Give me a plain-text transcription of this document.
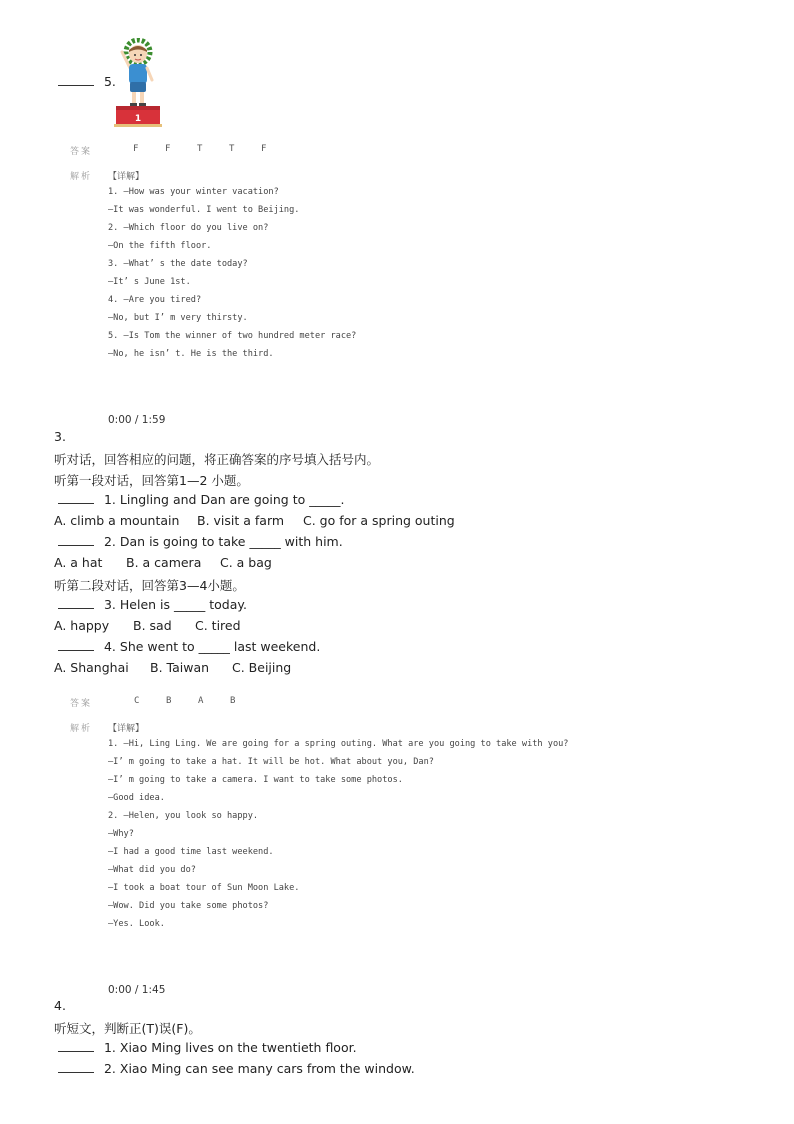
5.
1
答案	F	F	T	T	F
解析 【详解】
1. —How was your winter vacation?
—It was wonderful. I went to Beijing.
2. —Which floor do you live on?
—On the fifth floor.
3. —What’ s the date today?
—It’ s June 1st.
4. —Are you tired?
—No, but I’ m very thirsty.
5. —Is Tom the winner of two hundred meter race?
—No, he isn’ t. He is the third.
0:00 / 1:59
3.
听对话，回答相应的问题，将正确答案的序号填入括号内。
听第一段对话，回答第1—2 小题。
1. Lingling and Dan are going to _____.
A. climb a mountain B. visit a farm C. go for a spring outing
2. Dan is going to take _____ with him.
A. a hat B. a camera C. a bag
听第二段对话，回答第3—4小题。
3. Helen is _____ today.
A. happy B. sad C. tired
4. She went to _____ last weekend.
A. Shanghai B. Taiwan C. Beijing
答案	C	B	A	B
解析 【详解】
1. —Hi, Ling Ling. We are going for a spring outing. What are you going to take with you?
—I’ m going to take a hat. It will be hot. What about you, Dan?
—I’ m going to take a camera. I want to take some photos.
—Good idea.
2. —Helen, you look so happy.
—Why?
—I had a good time last weekend.
—What did you do?
—I took a boat tour of Sun Moon Lake.
—Wow. Did you take some photos?
—Yes. Look.
0:00 / 1:45
4.
听短文，判断正(T)误(F)。
1. Xiao Ming lives on the twentieth floor.
2. Xiao Ming can see many cars from the window.
